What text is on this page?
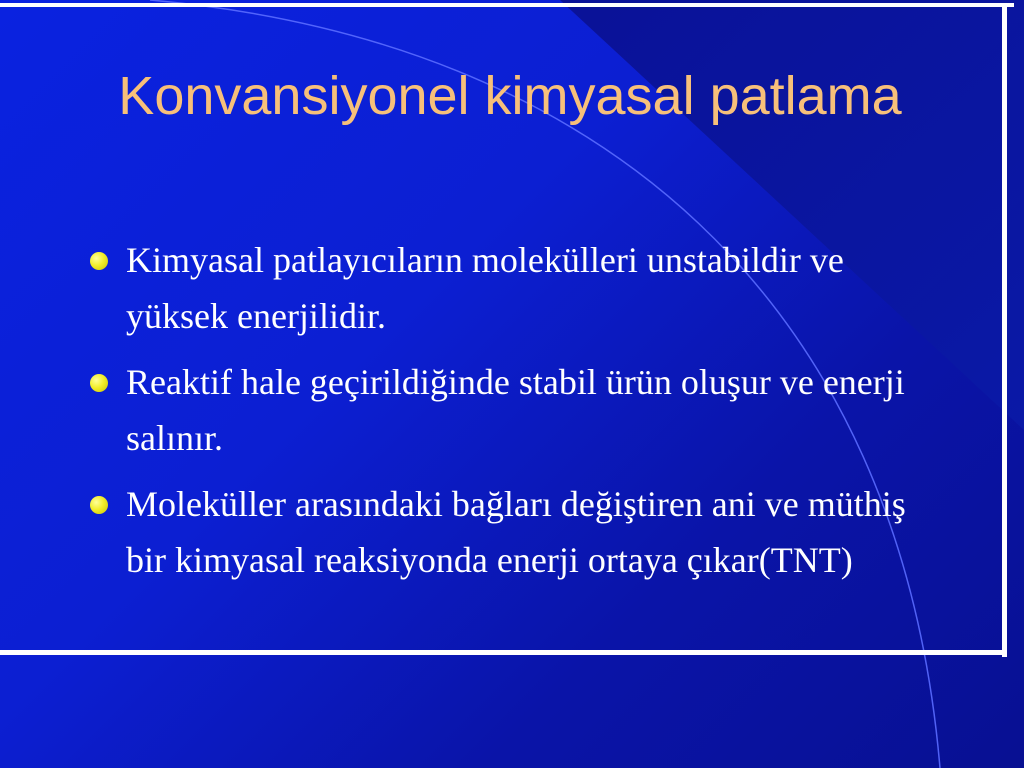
Konvansiyonel kimyasal patlama
Kimyasal patlayıcıların molekülleri unstabildir ve yüksek enerjilidir.
Reaktif hale geçirildiğinde stabil ürün oluşur ve enerji salınır.
Moleküller arasındaki bağları değiştiren ani ve müthiş bir kimyasal reaksiyonda enerji ortaya çıkar(TNT)
